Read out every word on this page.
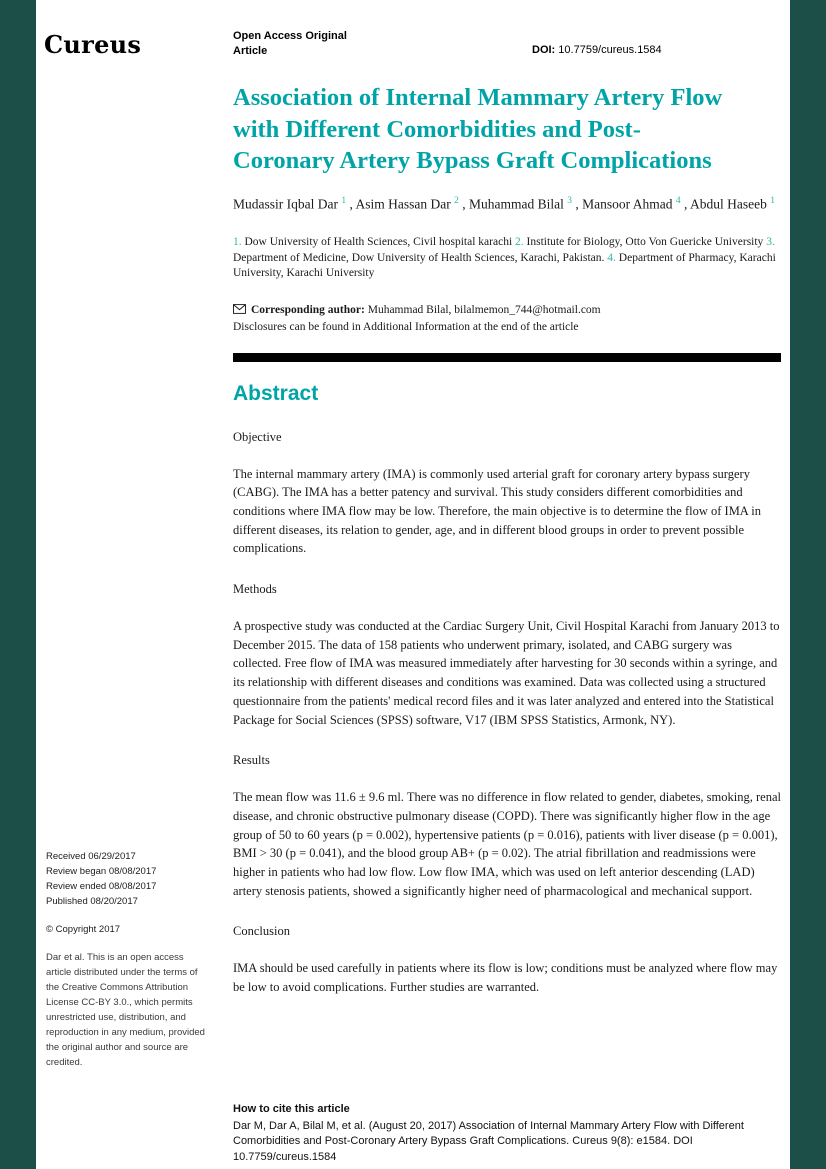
Cureus	Open Access Original Article	DOI: 10.7759/cureus.1584
Association of Internal Mammary Artery Flow with Different Comorbidities and Post-Coronary Artery Bypass Graft Complications
Mudassir Iqbal Dar $^1$ , Asim Hassan Dar $^2$ , Muhammad Bilal $^3$ , Mansoor Ahmad $^4$ , Abdul Haseeb $^1$
1. Dow University of Health Sciences, Civil hospital karachi 2. Institute for Biology, Otto Von Guericke University 3. Department of Medicine, Dow University of Health Sciences, Karachi, Pakistan. 4. Department of Pharmacy, Karachi University, Karachi University
Corresponding author: Muhammad Bilal, bilalmemon_744@hotmail.com
Disclosures can be found in Additional Information at the end of the article
Abstract
Objective

The internal mammary artery (IMA) is commonly used arterial graft for coronary artery bypass surgery (CABG). The IMA has a better patency and survival. This study considers different comorbidities and conditions where IMA flow may be low. Therefore, the main objective is to determine the flow of IMA in different diseases, its relation to gender, age, and in different blood groups in order to prevent possible complications.

Methods

A prospective study was conducted at the Cardiac Surgery Unit, Civil Hospital Karachi from January 2013 to December 2015. The data of 158 patients who underwent primary, isolated, and CABG surgery was collected. Free flow of IMA was measured immediately after harvesting for 30 seconds within a syringe, and its relationship with different diseases and conditions was examined. Data was collected using a structured questionnaire from the patients' medical record files and it was later analyzed and entered into the Statistical Package for Social Sciences (SPSS) software, V17 (IBM SPSS Statistics, Armonk, NY).

Results

The mean flow was 11.6 ± 9.6 ml. There was no difference in flow related to gender, diabetes, smoking, renal disease, and chronic obstructive pulmonary disease (COPD). There was significantly higher flow in the age group of 50 to 60 years (p = 0.002), hypertensive patients (p = 0.016), patients with liver disease (p = 0.001), BMI > 30 (p = 0.041), and the blood group AB+ (p = 0.02). The atrial fibrillation and readmissions were higher in patients who had low flow. Low flow IMA, which was used on left anterior descending (LAD) artery stenosis patients, showed a significantly higher need of pharmacological and mechanical support.

Conclusion

IMA should be used carefully in patients where its flow is low; conditions must be analyzed where flow may be low to avoid complications. Further studies are warranted.

Received 06/29/2017
Review began 08/08/2017
Review ended 08/08/2017
Published 08/20/2017
© Copyright 2017
Dar et al. This is an open access article distributed under the terms of the Creative Commons Attribution License CC-BY 3.0., which permits unrestricted use, distribution, and reproduction in any medium, provided the original author and source are credited.
How to cite this article
Dar M, Dar A, Bilal M, et al. (August 20, 2017) Association of Internal Mammary Artery Flow with Different Comorbidities and Post-Coronary Artery Bypass Graft Complications. Cureus 9(8): e1584. DOI 10.7759/cureus.1584
